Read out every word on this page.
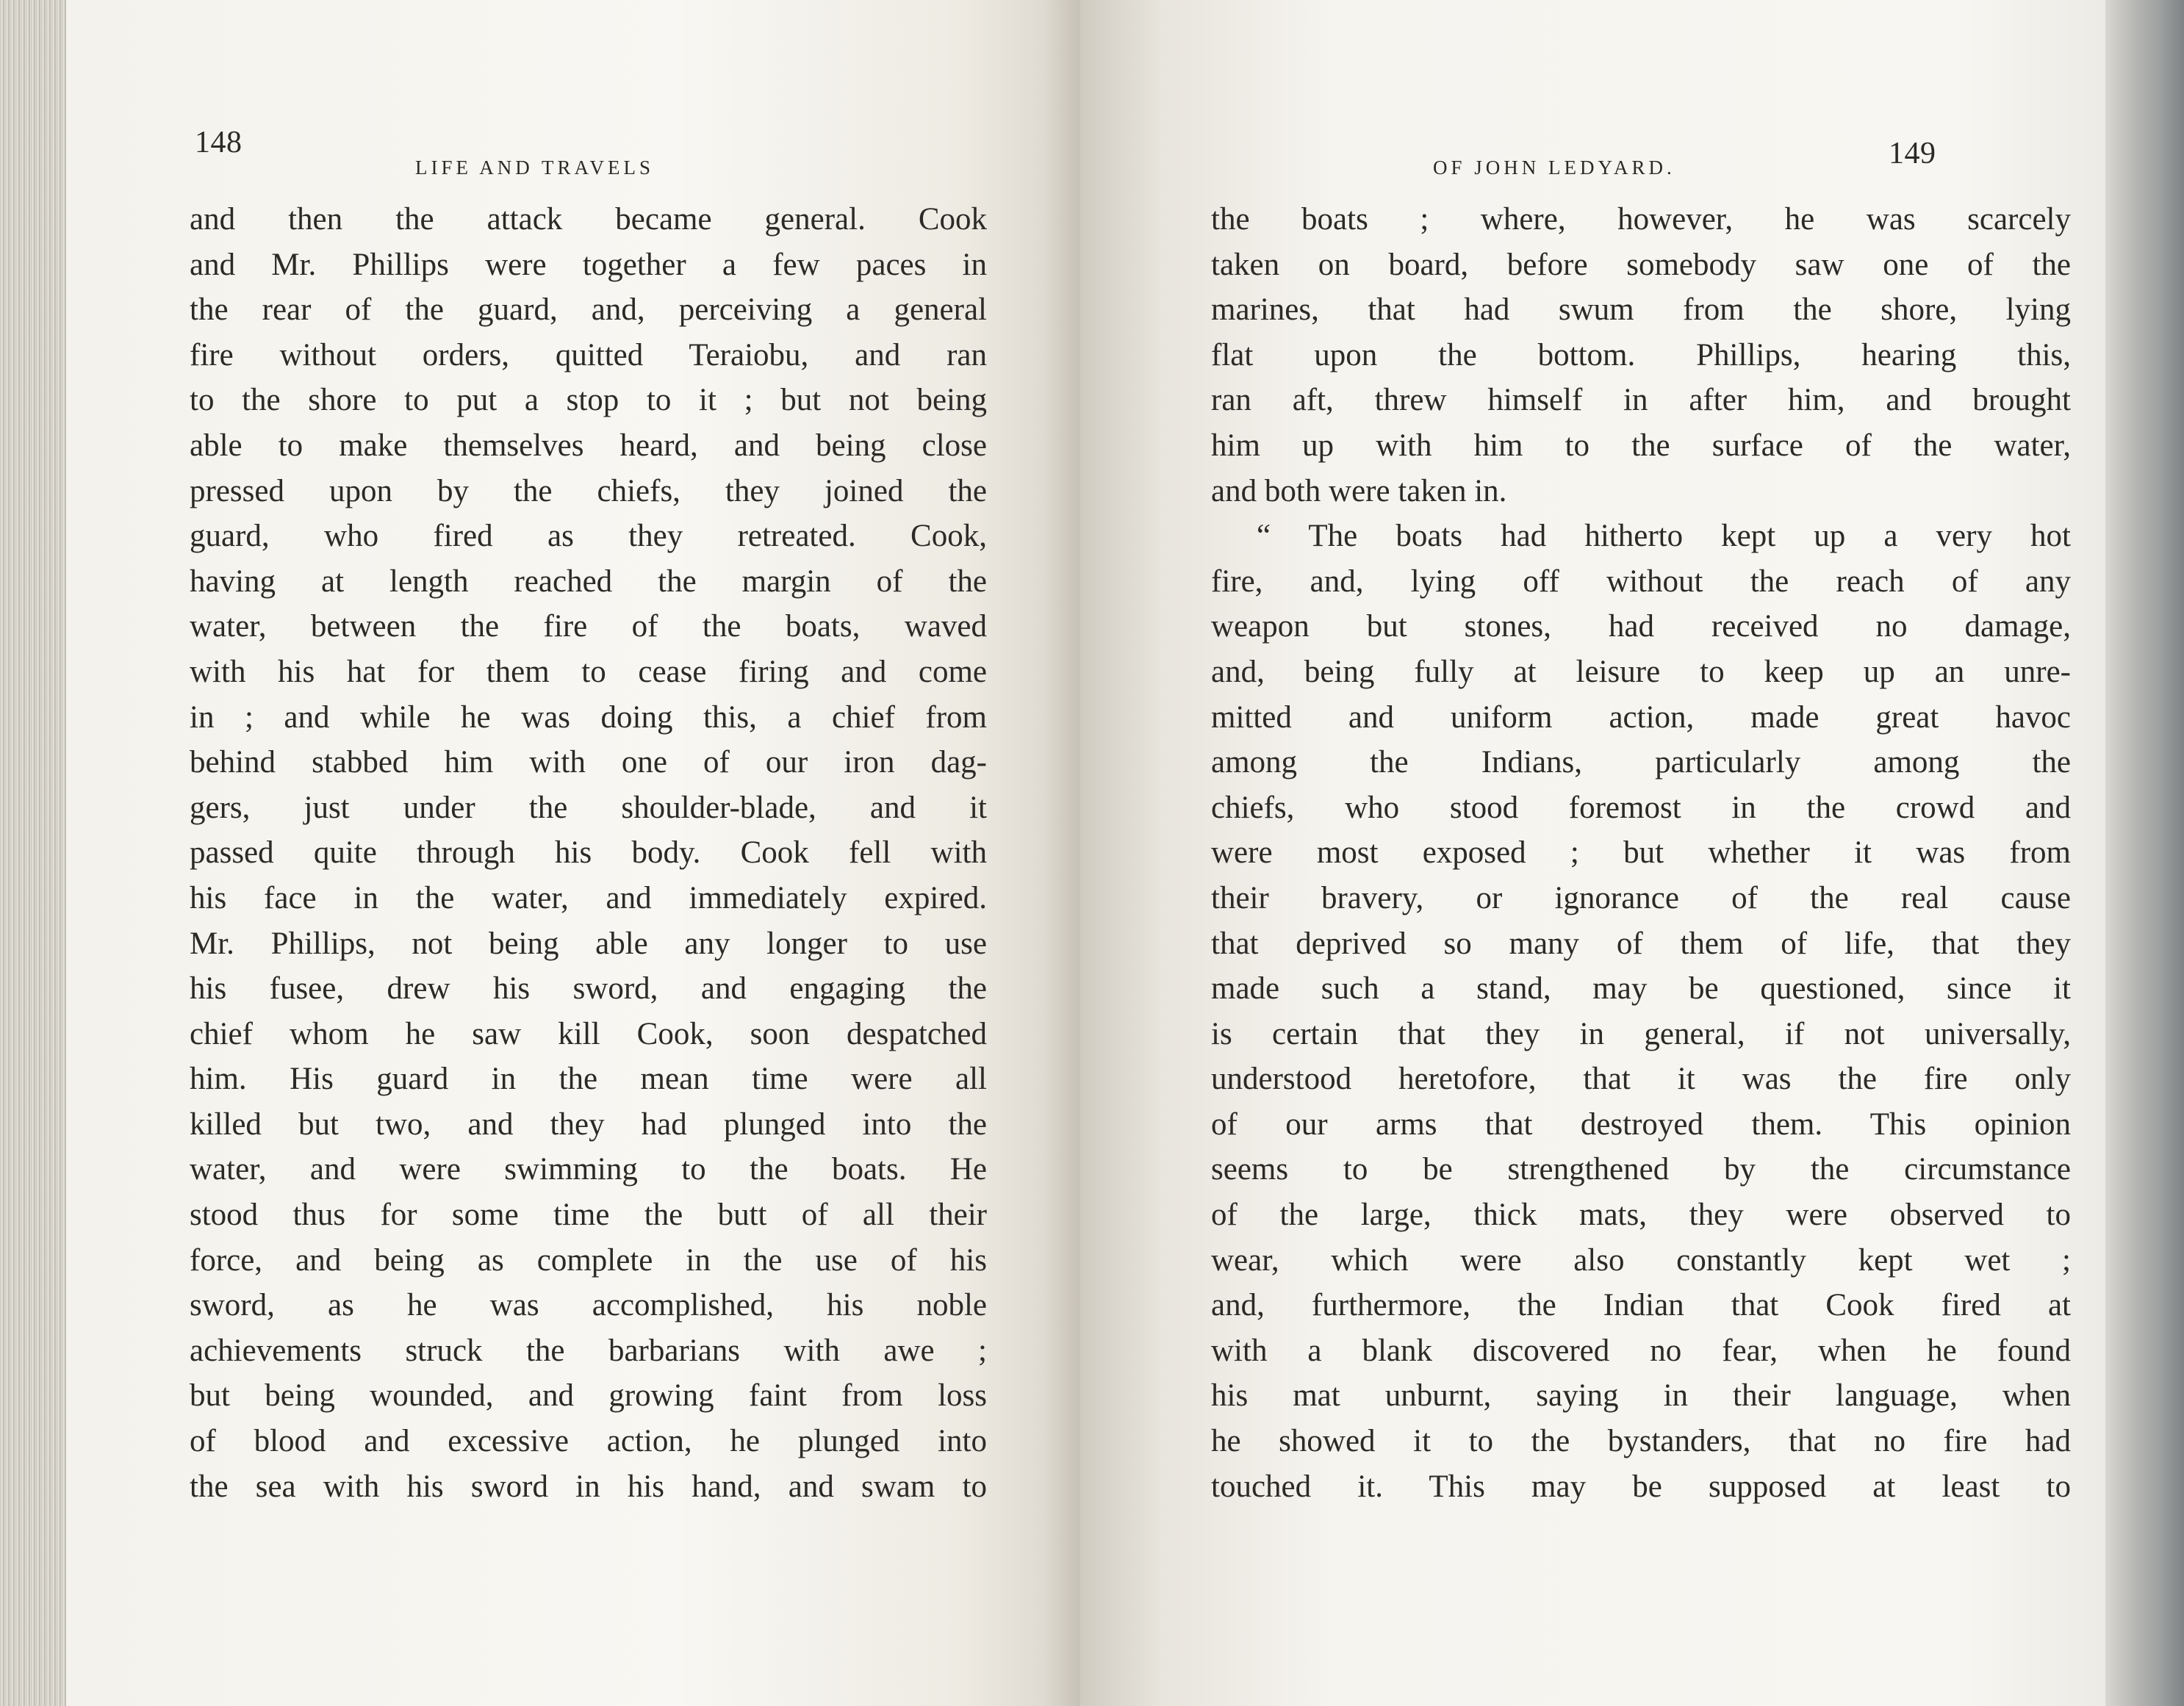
148
LIFE AND TRAVELS
and then the attack became general. Cook
and Mr. Phillips were together a few paces in
the rear of the guard, and, perceiving a general
fire without orders, quitted Teraiobu, and ran
to the shore to put a stop to it ; but not being
able to make themselves heard, and being close
pressed upon by the chiefs, they joined the
guard, who fired as they retreated. Cook,
having at length reached the margin of the
water, between the fire of the boats, waved
with his hat for them to cease firing and come
in ; and while he was doing this, a chief from
behind stabbed him with one of our iron dag-
gers, just under the shoulder-blade, and it
passed quite through his body. Cook fell with
his face in the water, and immediately expired.
Mr. Phillips, not being able any longer to use
his fusee, drew his sword, and engaging the
chief whom he saw kill Cook, soon despatched
him. His guard in the mean time were all
killed but two, and they had plunged into the
water, and were swimming to the boats. He
stood thus for some time the butt of all their
force, and being as complete in the use of his
sword, as he was accomplished, his noble
achievements struck the barbarians with awe ;
but being wounded, and growing faint from loss
of blood and excessive action, he plunged into
the sea with his sword in his hand, and swam to
OF JOHN LEDYARD.	149
the boats ; where, however, he was scarcely
taken on board, before somebody saw one of the
marines, that had swum from the shore, lying
flat upon the bottom. Phillips, hearing this,
ran aft, threw himself in after him, and brought
him up with him to the surface of the water,
and both were taken in.
“ The boats had hitherto kept up a very hot
fire, and, lying off without the reach of any
weapon but stones, had received no damage,
and, being fully at leisure to keep up an unre-
mitted and uniform action, made great havoc
among the Indians, particularly among the
chiefs, who stood foremost in the crowd and
were most exposed ; but whether it was from
their bravery, or ignorance of the real cause
that deprived so many of them of life, that they
made such a stand, may be questioned, since it
is certain that they in general, if not universally,
understood heretofore, that it was the fire only
of our arms that destroyed them. This opinion
seems to be strengthened by the circumstance
of the large, thick mats, they were observed to
wear, which were also constantly kept wet ;
and, furthermore, the Indian that Cook fired at
with a blank discovered no fear, when he found
his mat unburnt, saying in their language, when
he showed it to the bystanders, that no fire had
touched it. This may be supposed at least to
